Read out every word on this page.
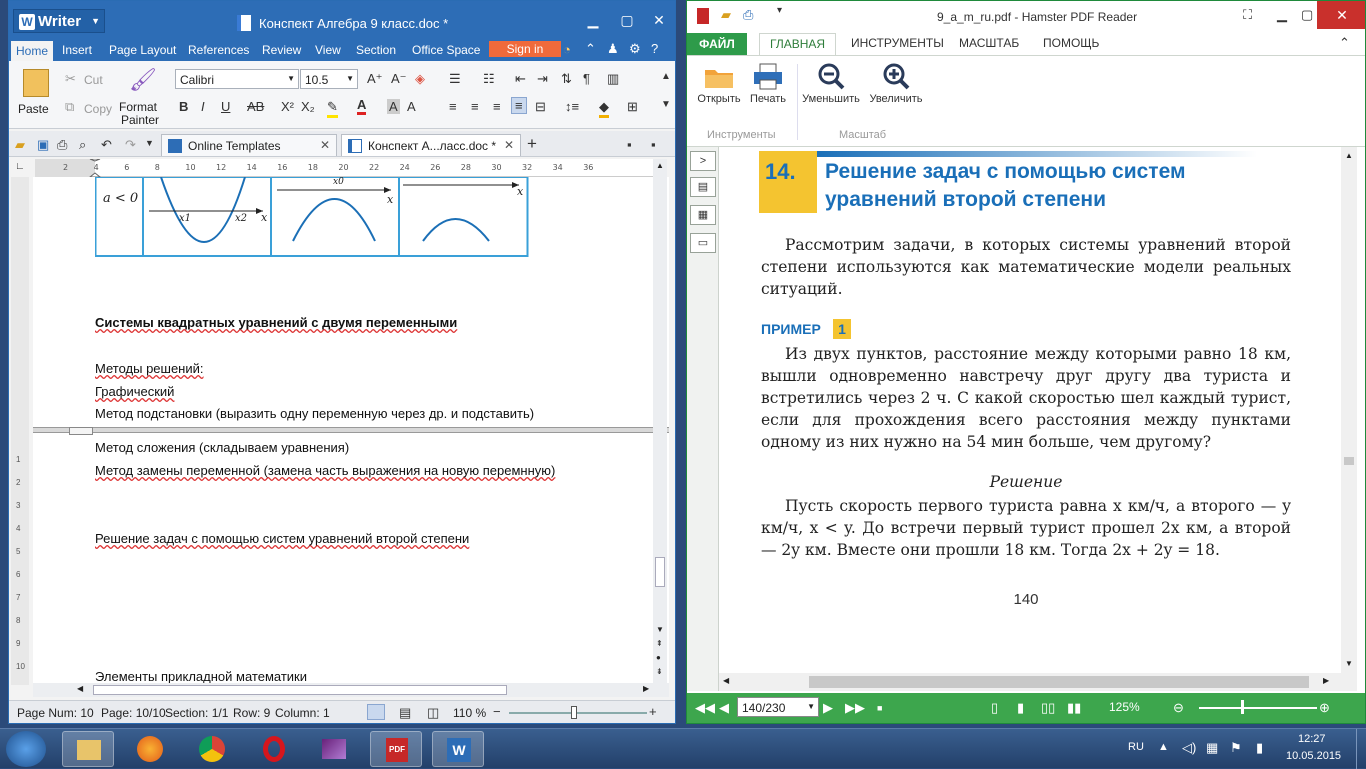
W Writer ▼	Конспект Алгебра 9 класс.doc *	▁	▢ ✕
Home	Insert	Page Layout References	Review	View	Section	Office Space	◔ ⌃ ♟ ⚙ ?
Sign in
Paste
✂ Cut
⧉ Copy
🖌
Format
Painter
Calibri	▼ 10.5 ▼ A⁺ A⁻ ◈
B I U AB X² X₂ ✎ A A A
☰ ☷ ⇤ ⇥ ⇅ ¶ ▥
≡ ≡ ≡	≡ ⊟ ↕≡ ◆ ⊞
▲
▼
▰ ▣ ⎙ ⌕ ↶ ↷ ▼	Online Templates	✕	Конспект А...ласс.doc * ✕ +	▪ ▪
∟	2	4	6	8	10	12	14	16	18	20	22	24	26	28	30	32	34	36
1
2
3
4
5
6
7
8
9
10
a < 0
x1	x2 x
x0
x
x
Системы квадратных уравнений с двумя переменными
Методы решений:
Графический
Метод подстановки (выразить одну переменную через др. и подставить)
Метод сложения (складываем уравнения)
Метод замены переменной (замена часть выражения на новую перемнную)
Решение задач с помощью систем уравнений второй степени
Элементы прикладной математики
▲
▼
⇞
●
⇟
◀	▶
Page Num: 10 Page: 10/10 Section: 1/1 Row: 9 Column: 1	▤ ◫ 110 % −	+
▰ ⎙ ▾	9_a_m_ru.pdf - Hamster PDF Reader	⛶ ▁ ▢	✕
ФАЙЛ	ГЛАВНАЯ	ИНСТРУМЕНТЫ МАСШТАБ ПОМОЩЬ	⌃
Открыть Печать	Уменьшить Увеличить
Инструменты	Масштаб
>
▤
▦
▭
14. Решение задач с помощью систем
уравнений второй степени
Рассмотрим задачи, в которых системы уравнений второй степени используются как математические модели реальных ситуаций.
ПРИМЕР	1
Из двух пунктов, расстояние между которыми равно 18 км, вышли одновременно навстречу друг другу два туриста и встретились через 2 ч. С какой скоростью шел каждый турист, если для прохождения всего расстояния между пунктами одному из них нужно на 54 мин больше, чем другому?
Решение
Пусть скорость первого туриста равна x км/ч, а второго — y км/ч, x < y. До встречи первый турист прошел 2x км, а второй — 2y км. Вместе они прошли 18 км. Тогда 2x + 2y = 18.
140
▲
▼
◀	▶
◀◀ ◀	140/230	▼ ▶ ▶▶ ■	▯ ▮ ▯▯ ▮▮ 125%	⊖	⊕
PDF	W	RU ▲ ◁) ▦ ⚑ ▮
12:27
10.05.2015
